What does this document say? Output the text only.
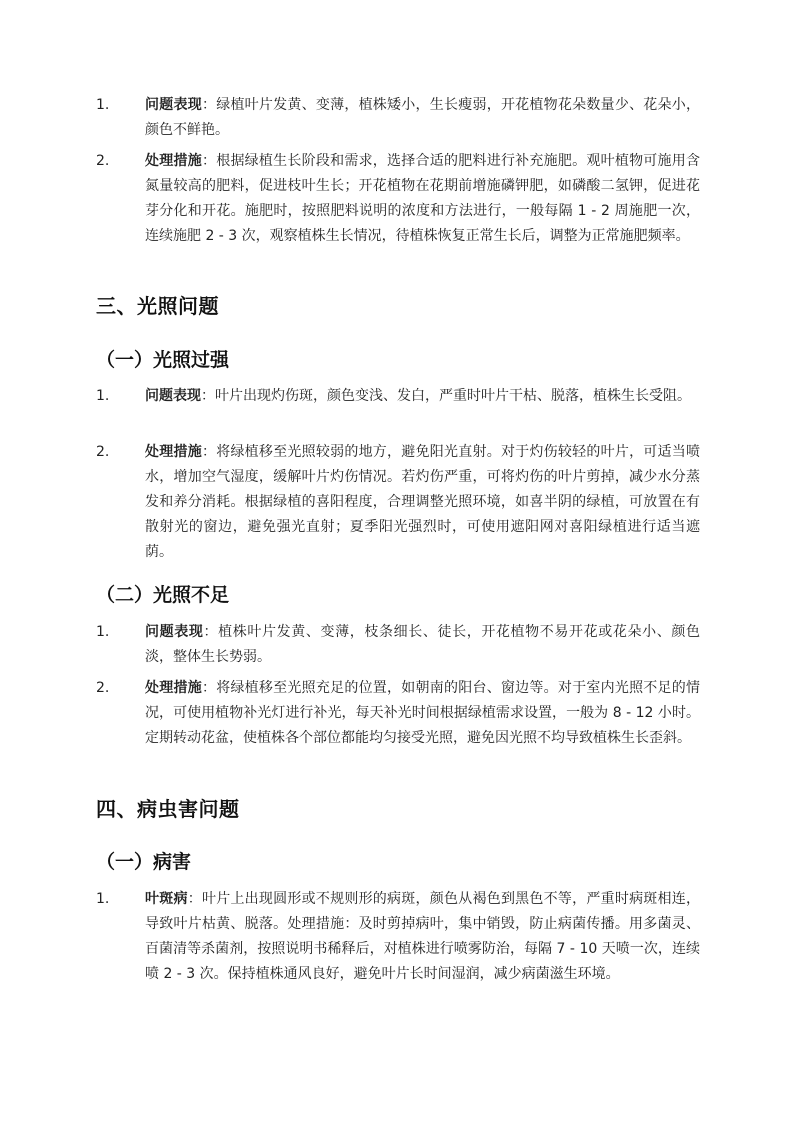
1.	问题表现：绿植叶片发黄、变薄，植株矮小，生长瘦弱，开花植物花朵数量少、花朵小，颜色不鲜艳。
2.	处理措施：根据绿植生长阶段和需求，选择合适的肥料进行补充施肥。观叶植物可施用含氮量较高的肥料，促进枝叶生长；开花植物在花期前增施磷钾肥，如磷酸二氢钾，促进花芽分化和开花。施肥时，按照肥料说明的浓度和方法进行，一般每隔 1 - 2 周施肥一次，连续施肥 2 - 3 次，观察植株生长情况，待植株恢复正常生长后，调整为正常施肥频率。
三、光照问题
（一）光照过强
1.	问题表现：叶片出现灼伤斑，颜色变浅、发白，严重时叶片干枯、脱落，植株生长受阻。
2.	处理措施：将绿植移至光照较弱的地方，避免阳光直射。对于灼伤较轻的叶片，可适当喷水，增加空气湿度，缓解叶片灼伤情况。若灼伤严重，可将灼伤的叶片剪掉，减少水分蒸发和养分消耗。根据绿植的喜阳程度，合理调整光照环境，如喜半阴的绿植，可放置在有散射光的窗边，避免强光直射；夏季阳光强烈时，可使用遮阳网对喜阳绿植进行适当遮荫。
（二）光照不足
1.	问题表现：植株叶片发黄、变薄，枝条细长、徒长，开花植物不易开花或花朵小、颜色淡，整体生长势弱。
2.	处理措施：将绿植移至光照充足的位置，如朝南的阳台、窗边等。对于室内光照不足的情况，可使用植物补光灯进行补光，每天补光时间根据绿植需求设置，一般为 8 - 12 小时。定期转动花盆，使植株各个部位都能均匀接受光照，避免因光照不均导致植株生长歪斜。
四、病虫害问题
（一）病害
1.	叶斑病：叶片上出现圆形或不规则形的病斑，颜色从褐色到黑色不等，严重时病斑相连，导致叶片枯黄、脱落。处理措施：及时剪掉病叶，集中销毁，防止病菌传播。用多菌灵、百菌清等杀菌剂，按照说明书稀释后，对植株进行喷雾防治，每隔 7 - 10 天喷一次，连续喷 2 - 3 次。保持植株通风良好，避免叶片长时间湿润，减少病菌滋生环境。
